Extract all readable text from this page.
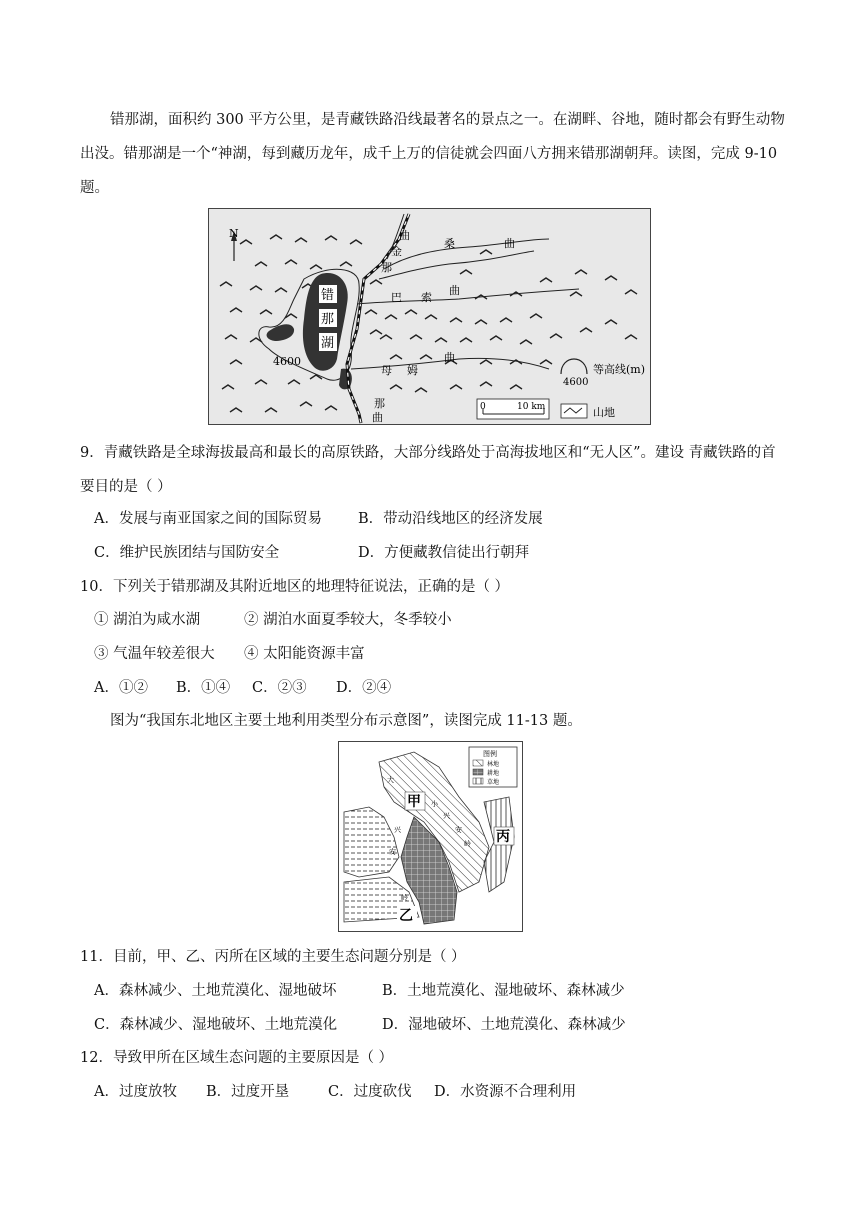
错那湖，面积约 300 平方公里，是青藏铁路沿线最著名的景点之一。在湖畔、谷地，随时都会有野生动物出没。错那湖是一个“神湖，每到藏历龙年，成千上万的信徒就会四面八方拥来错那湖朝拜。读图，完成 9-10 题。
错
那
湖
N
4600
曲
金
那
桑	曲
巴 索
曲
母 姆
曲
那
曲
4600
等高线(m)
山地
0	10 km
9．青藏铁路是全球海拔最高和最长的高原铁路，大部分线路处于高海拔地区和“无人区”。建设 青藏铁路的首要目的是（ ）
A．发展与南亚国家之间的国际贸易 B．带动沿线地区的经济发展
C．维护民族团结与国防安全	D．方便藏教信徒出行朝拜
10．下列关于错那湖及其附近地区的地理特征说法，正确的是（ ）
① 湖泊为咸水湖	② 湖泊水面夏季较大，冬季较小
③ 气温年较差很大 ④ 太阳能资源丰富
A．①② B．①④ C．②③ D．②④
图为“我国东北地区主要土地利用类型分布示意图”，读图完成 11-13 题。
图例
林地
耕地
草地
甲
乙
丙
大
兴
安
岭
小
兴
安
岭
11．目前，甲、乙、丙所在区域的主要生态问题分别是（ ）
A．森林减少、土地荒漠化、湿地破坏	B．土地荒漠化、湿地破坏、森林减少
C．森林减少、湿地破坏、土地荒漠化	D．湿地破坏、土地荒漠化、森林减少
12．导致甲所在区域生态问题的主要原因是（ ）
A．过度放牧 B．过度开垦	C．过度砍伐 D．水资源不合理利用
